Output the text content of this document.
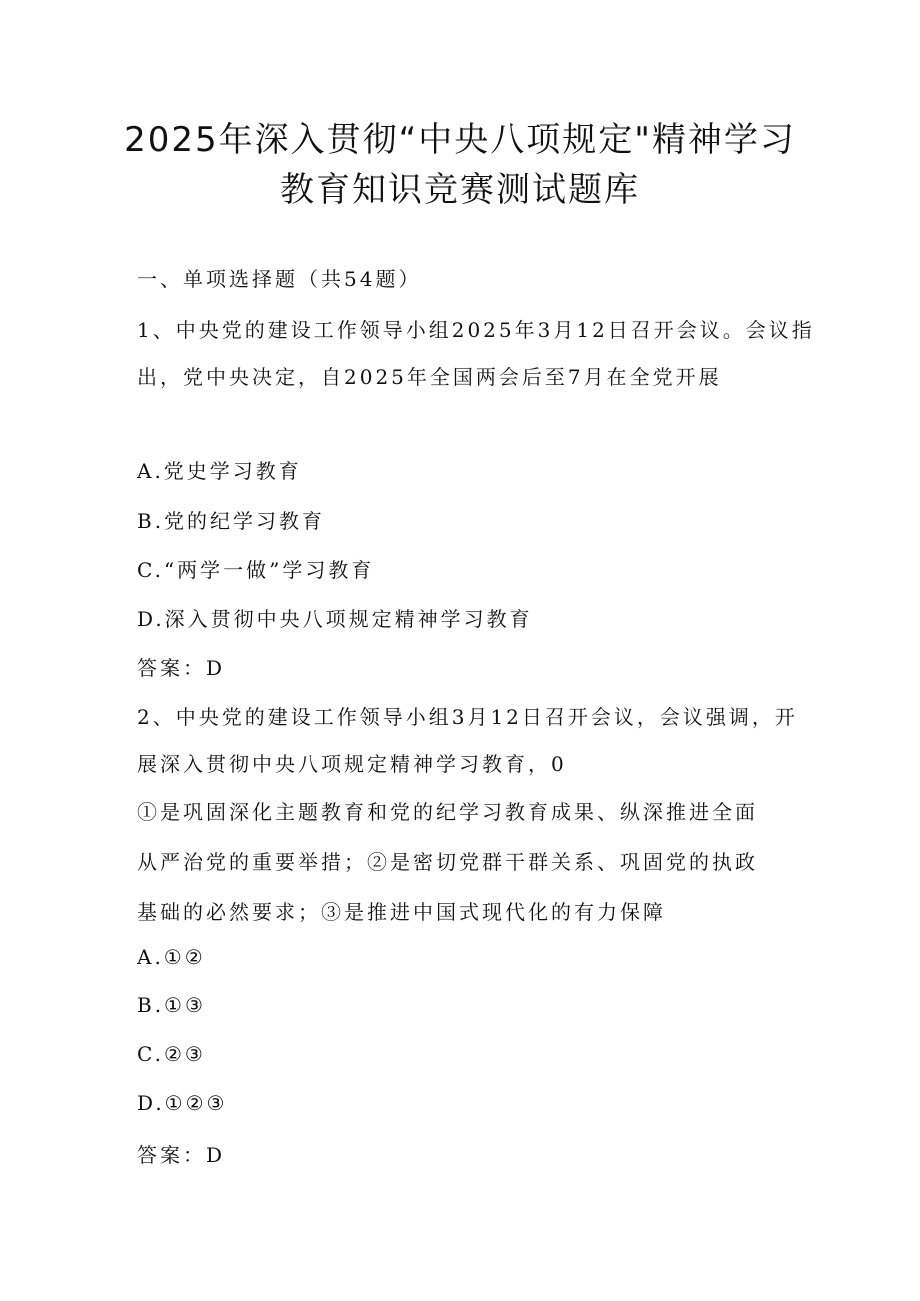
2025年深入贯彻“中央八项规定"精神学习
教育知识竞赛测试题库
一、单项选择题（共54题）
1、中央党的建设工作领导小组2025年3月12日召开会议。会议指
出，党中央决定，自2025年全国两会后至7月在全党开展
A.党史学习教育
B.党的纪学习教育
C.“两学一做”学习教育
D.深入贯彻中央八项规定精神学习教育
答案：D
2、中央党的建设工作领导小组3月12日召开会议，会议强调，开
展深入贯彻中央八项规定精神学习教育，0
①是巩固深化主题教育和党的纪学习教育成果、纵深推进全面
从严治党的重要举措；②是密切党群干群关系、巩固党的执政
基础的必然要求；③是推进中国式现代化的有力保障
A.①②
B.①③
C.②③
D.①②③
答案：D
